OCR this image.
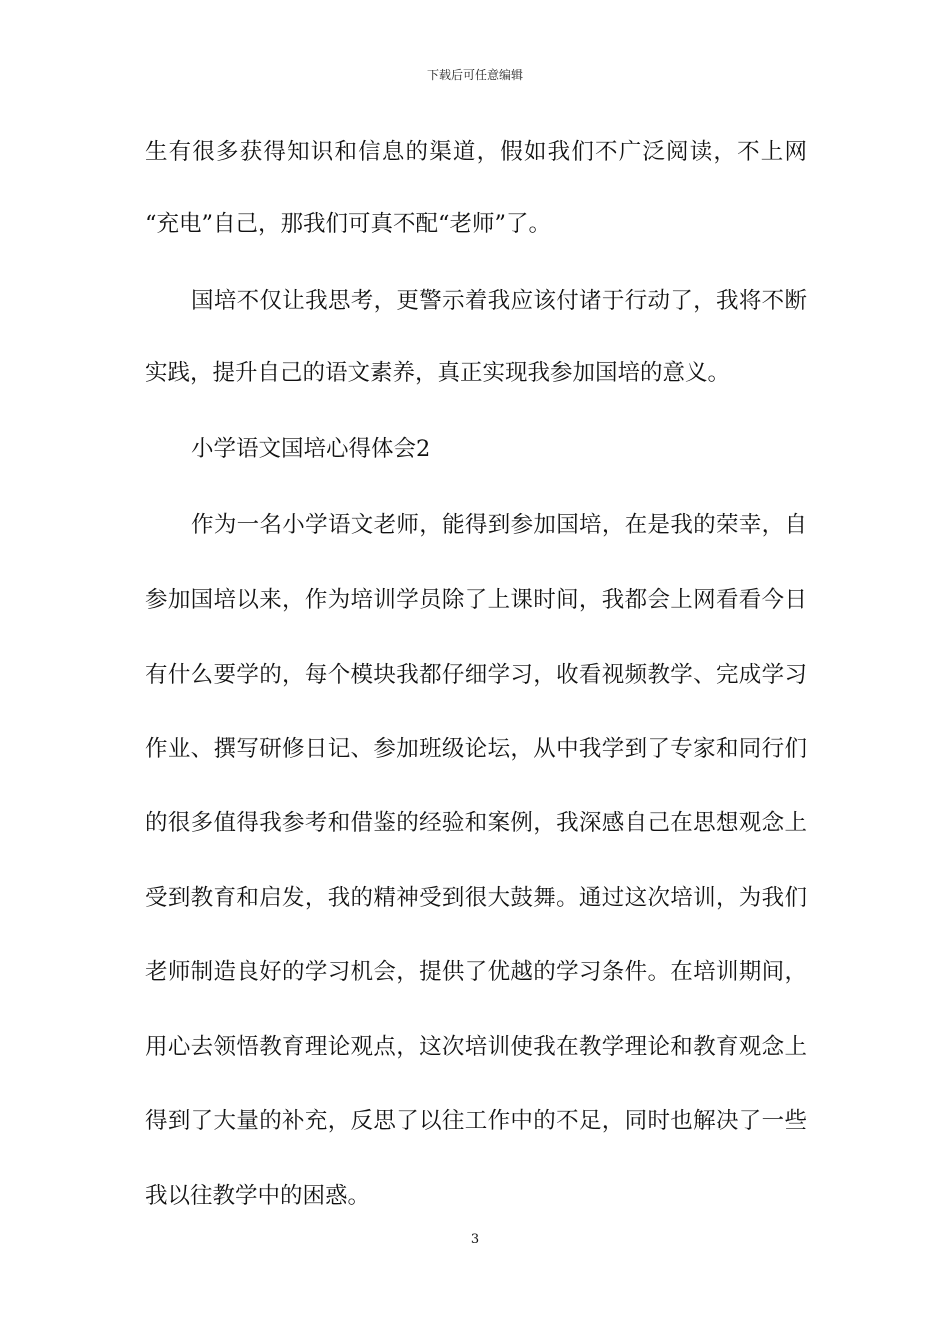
下载后可任意编辑
生有很多获得知识和信息的渠道，假如我们不广泛阅读，不上网
“充电”自己，那我们可真不配“老师”了。
国培不仅让我思考，更警示着我应该付诸于行动了，我将不断
实践，提升自己的语文素养，真正实现我参加国培的意义。
小学语文国培心得体会2
作为一名小学语文老师，能得到参加国培，在是我的荣幸，自
参加国培以来，作为培训学员除了上课时间，我都会上网看看今日
有什么要学的，每个模块我都仔细学习，收看视频教学、完成学习
作业、撰写研修日记、参加班级论坛，从中我学到了专家和同行们
的很多值得我参考和借鉴的经验和案例，我深感自己在思想观念上
受到教育和启发，我的精神受到很大鼓舞。通过这次培训，为我们
老师制造良好的学习机会，提供了优越的学习条件。在培训期间，
用心去领悟教育理论观点，这次培训使我在教学理论和教育观念上
得到了大量的补充，反思了以往工作中的不足，同时也解决了一些
我以往教学中的困惑。
3
